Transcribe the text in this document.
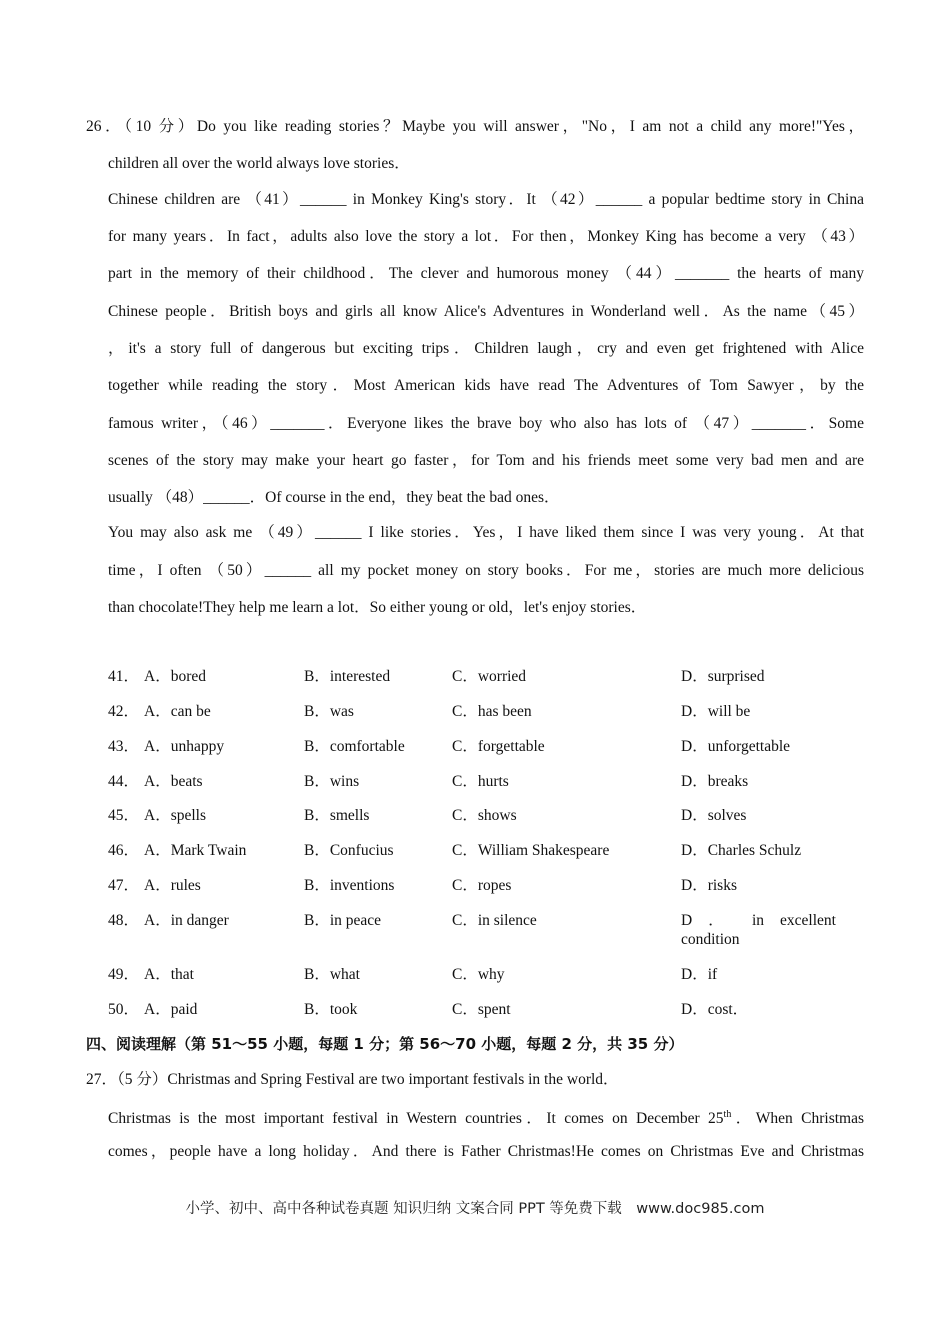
26．（10 分）Do you like reading stories？Maybe you will answer，"No，I am not a child any more!"Yes，
children all over the world always love stories．
Chinese children are （41）______ in Monkey King's story．It （42）______ a popular bedtime story in China
for many years．In fact，adults also love the story a lot．For then，Monkey King has become a very （43）
part in the memory of their childhood．The clever and humorous money （44）_______ the hearts of many
Chinese people．British boys and girls all know Alice's Adventures in Wonderland well．As the name（45）
，it's a story full of dangerous but exciting trips．Children laugh，cry and even get frightened with Alice
together while reading the story．Most American kids have read The Adventures of Tom Sawyer，by the
famous writer，（46）_______．Everyone likes the brave boy who also has lots of （47）_______．Some
scenes of the story may make your heart go faster，for Tom and his friends meet some very bad men and are
usually （48）______．Of course in the end，they beat the bad ones．
You may also ask me （49）______ I like stories．Yes，I have liked them since I was very young．At that
time，I often （50）______ all my pocket money on story books．For me，stories are much more delicious
than chocolate!They help me learn a lot．So either young or old，let's enjoy stories．
41． A．bored	B．interested	C．worried	D．surprised
42． A．can be	B．was	C．has been	D．will be
43． A．unhappy	B．comfortable	C．forgettable	D．unforgettable
44． A．beats	B．wins	C．hurts	D．breaks
45． A．spells	B．smells	C．shows	D．solves
46． A．Mark Twain	B．Confucius	C．William Shakespeare	D．Charles Schulz
47． A．rules	B．inventions	C．ropes	D．risks
48． A．in danger	B．in peace	C．in silence	D ． in excellent
condition
49． A．that	B．what	C．why	D．if
50． A．paid	B．took	C．spent	D．cost．
四、阅读理解（第 51～55 小题，每题 1 分；第 56～70 小题，每题 2 分，共 35 分）
27．（5 分）Christmas and Spring Festival are two important festivals in the world．
Christmas is the most important festival in Western countries．It comes on December 25th．When Christmas
comes，people have a long holiday．And there is Father Christmas!He comes on Christmas Eve and Christmas
小学、初中、高中各种试卷真题 知识归纳 文案合同 PPT 等免费下载　www.doc985.com
